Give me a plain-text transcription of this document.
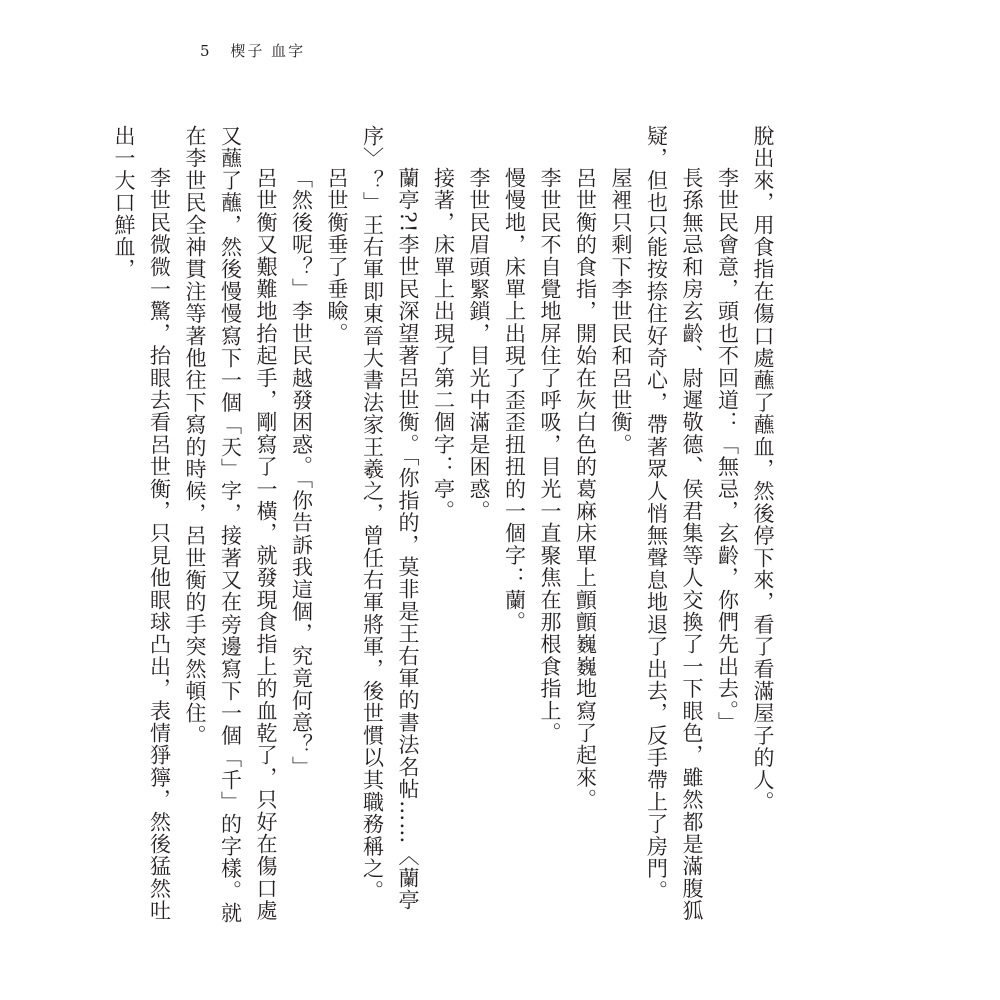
5 楔子 血字

脫出來，用食指在傷口處蘸了蘸血，然後停下來，看了看滿屋子的人。

李世民會意，頭也不回道：「無忌，玄齡，你們先出去。」

長孫無忌和房玄齡、尉遲敬德、侯君集等人交換了一下眼色，雖然都是滿腹狐疑，但也只能按捺住好奇心，帶著眾人悄無聲息地退了出去，反手帶上了房門。

屋裡只剩下李世民和呂世衡。

呂世衡的食指，開始在灰白色的葛麻床單上顫顫巍巍地寫了起來。

李世民不自覺地屏住了呼吸，目光一直聚焦在那根食指上。

慢慢地，床單上出現了歪歪扭扭的一個字：蘭。

李世民眉頭緊鎖，目光中滿是困惑。

接著，床單上出現了第二個字：亭。

蘭亭?!李世民深望著呂世衡。「你指的，莫非是王右軍的書法名帖……〈蘭亭序〉？」王右軍即東晉大書法家王羲之，曾任右軍將軍，後世慣以其職務稱之。

呂世衡垂了垂瞼。

「然後呢？」李世民越發困惑。「你告訴我這個，究竟何意？」

呂世衡又艱難地抬起手，剛寫了一橫，就發現食指上的血乾了，只好在傷口處又蘸了蘸，然後慢慢寫下一個「天」字，接著又在旁邊寫下一個「千」的字樣。就在李世民全神貫注等著他往下寫的時候，呂世衡的手突然頓住。

李世民微微一驚，抬眼去看呂世衡，只見他眼球凸出，表情猙獰，然後猛然吐出一大口鮮血，
